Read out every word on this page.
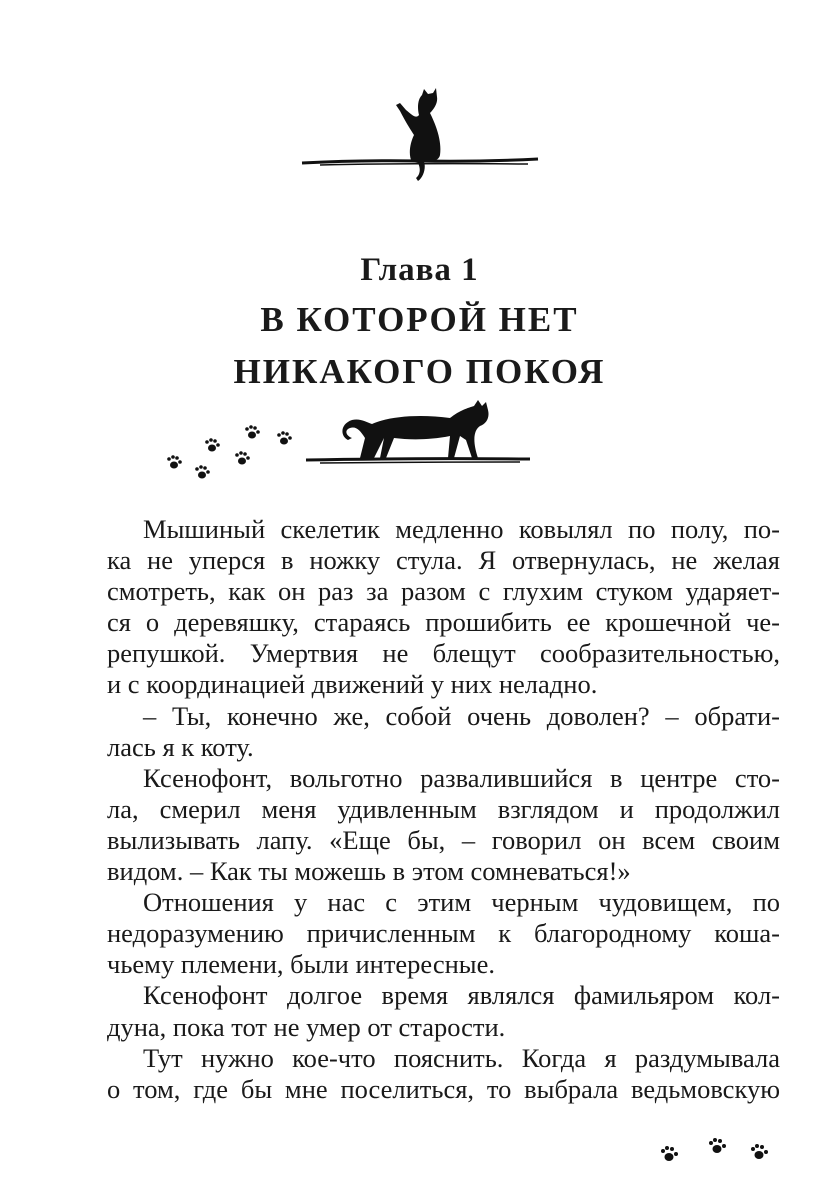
Глава 1
В КОТОРОЙ НЕТ
НИКАКОГО ПОКОЯ
Мышиный скелетик медленно ковылял по полу, по-
ка не уперся в ножку стула. Я отвернулась, не желая
смотреть, как он раз за разом с глухим стуком ударяет-
ся о деревяшку, стараясь прошибить ее крошечной че-
репушкой. Умертвия не блещут сообразительностью,
и с координацией движений у них неладно.
– Ты, конечно же, собой очень доволен? – обрати-
лась я к коту.
Ксенофонт, вольготно развалившийся в центре сто-
ла, смерил меня удивленным взглядом и продолжил
вылизывать лапу. «Еще бы, – говорил он всем своим
видом. – Как ты можешь в этом сомневаться!»
Отношения у нас с этим черным чудовищем, по
недоразумению причисленным к благородному коша-
чьему племени, были интересные.
Ксенофонт долгое время являлся фамильяром кол-
дуна, пока тот не умер от старости.
Тут нужно кое-что пояснить. Когда я раздумывала
о том, где бы мне поселиться, то выбрала ведьмовскую
